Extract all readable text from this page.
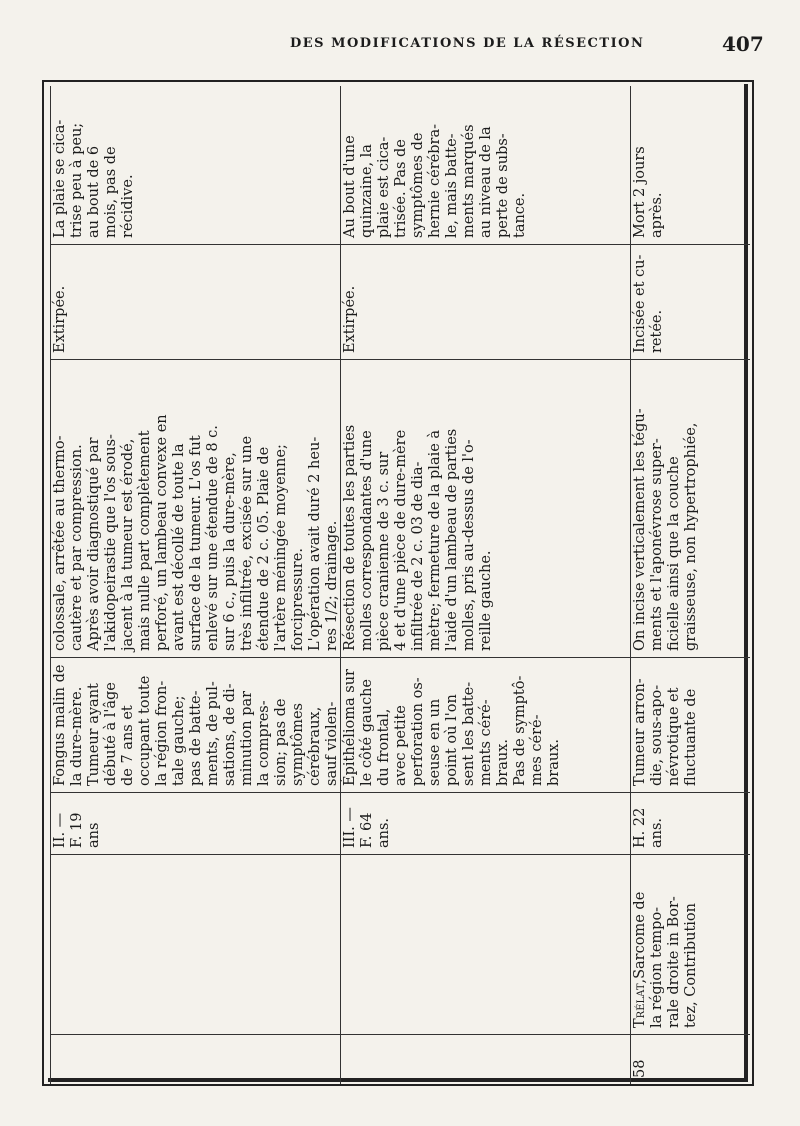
DES MODIFICATIONS DE LA RÉSECTION	407

II. —
F. 19
ans

Fongus malin de
la dure-mère.
Tumeur ayant
débuté à l'âge
de 7 ans et
occupant toute
la région fron-
tale gauche;
pas de batte-
ments, de pul-
sations, de di-
minution par
la compres-
sion; pas de
symptômes
cérébraux,
sauf violen-

colossale, arrêtée au thermo-
cautère et par compression.
Après avoir diagnostiqué par
l'akidopeirastie que l'os sous-
jacent à la tumeur est érodé,
mais nulle part complètement
perforé, un lambeau convexe en
avant est décollé de toute la
surface de la tumeur. L'os fut
enlevé sur une étendue de 8 c.
sur 6 c., puis la dure-mère,
très infiltrée, excisée sur une
étendue de 2 c. 05. Plaie de
l'artère méningée moyenne;
forcipressure.
L'opération avait duré 2 heu-
res 1/2; drainage.

Extirpée.

La plaie se cica-
trise peu à peu;
au bout de 6
mois, pas de
récidive.

III. —
F. 64
ans.

Épithélioma sur
le côté gauche
du frontal,
avec petite
perforation os-
seuse en un
point où l'on
sent les batte-
ments céré-
braux.
Pas de symptô-
mes céré-
braux.

Résection de toutes les parties
molles correspondantes d'une
pièce cranienne de 3 c. sur
4 et d'une pièce de dure-mère
infiltrée de 2 c. 03 de dia-
mètre; fermeture de la plaie à
l'aide d'un lambeau de parties
molles, pris au-dessus de l'o-
reille gauche.

Extirpée.

Au bout d'une
quinzaine, la
plaie est cica-
trisée. Pas de
symptômes de
hernie cérébra-
le, mais batte-
ments marqués
au niveau de la
perte de subs-
tance.

58

Trélat,Sarcome de
la région tempo-
rale droite in Bor-
tez, Contribution

H. 22
ans.

Tumeur arron-
die, sous-apo-
névrotique et
fluctuante de

On incise verticalement les tégu-
ments et l'aponévrose super-
ficielle ainsi que la couche
graisseuse, non hypertrophiée,

Incisée et cu-
retée.

Mort 2 jours
après.
